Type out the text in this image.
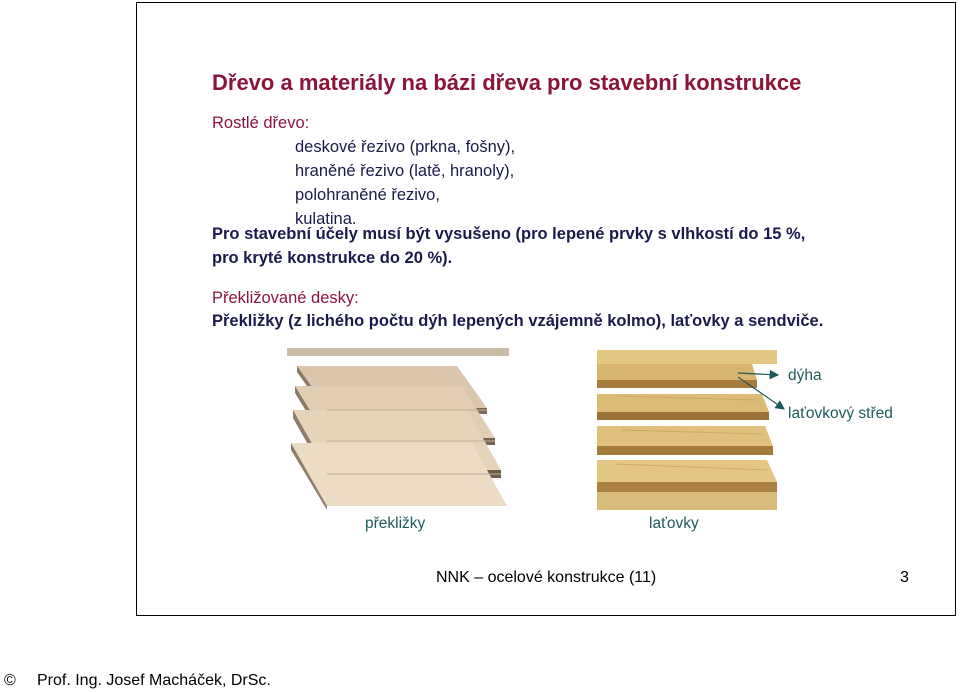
Dřevo a materiály na bázi dřeva pro stavební konstrukce
Rostlé dřevo:
deskové řezivo (prkna, fošny),
hraněné řezivo (latě, hranoly),
polohraněné řezivo,
kulatina.
Pro stavební účely musí být vysušeno (pro lepené prvky s vlhkostí do 15 %,
pro kryté konstrukce do 20 %).
Překližované desky:
Překližky (z lichého počtu dýh lepených vzájemně kolmo), laťovky a sendviče.
dýha
laťovkový střed
překližky	laťovky
NNK – ocelové konstrukce (11)	3
© Prof. Ing. Josef Macháček, DrSc.
